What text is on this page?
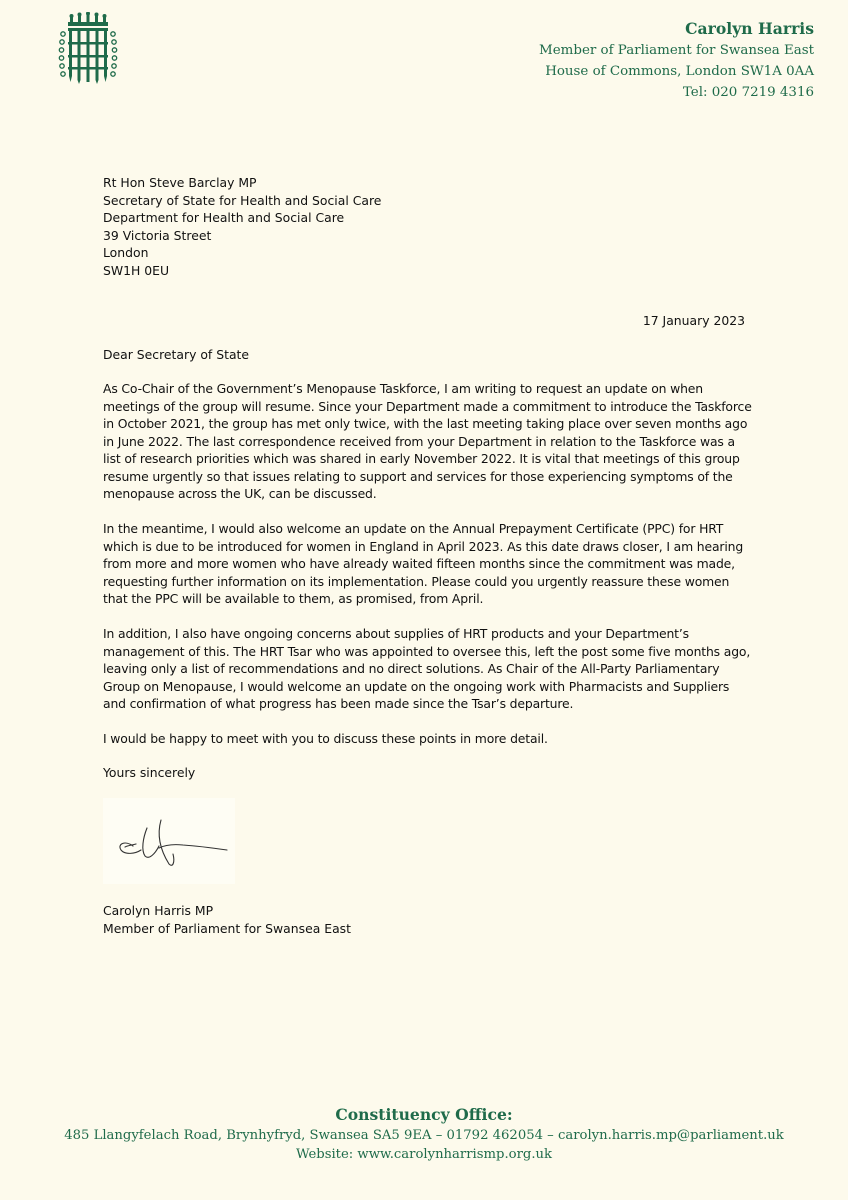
Carolyn Harris
Member of Parliament for Swansea East
House of Commons, London SW1A 0AA
Tel: 020 7219 4316
Rt Hon Steve Barclay MP
Secretary of State for Health and Social Care
Department for Health and Social Care
39 Victoria Street
London
SW1H 0EU
17 January 2023
Dear Secretary of State

As Co-Chair of the Government’s Menopause Taskforce, I am writing to request an update on when meetings of the group will resume. Since your Department made a commitment to introduce the Taskforce in October 2021, the group has met only twice, with the last meeting taking place over seven months ago in June 2022. The last correspondence received from your Department in relation to the Taskforce was a list of research priorities which was shared in early November 2022. It is vital that meetings of this group resume urgently so that issues relating to support and services for those experiencing symptoms of the menopause across the UK, can be discussed.

In the meantime, I would also welcome an update on the Annual Prepayment Certificate (PPC) for HRT which is due to be introduced for women in England in April 2023. As this date draws closer, I am hearing from more and more women who have already waited fifteen months since the commitment was made, requesting further information on its implementation. Please could you urgently reassure these women that the PPC will be available to them, as promised, from April.

In addition, I also have ongoing concerns about supplies of HRT products and your Department’s management of this. The HRT Tsar who was appointed to oversee this, left the post some five months ago, leaving only a list of recommendations and no direct solutions. As Chair of the All-Party Parliamentary Group on Menopause, I would welcome an update on the ongoing work with Pharmacists and Suppliers and confirmation of what progress has been made since the Tsar’s departure.

I would be happy to meet with you to discuss these points in more detail.

Yours sincerely
Carolyn Harris MP
Member of Parliament for Swansea East
Constituency Office:
485 Llangyfelach Road, Brynhyfryd, Swansea SA5 9EA – 01792 462054 – carolyn.harris.mp@parliament.uk
Website: www.carolynharrismp.org.uk
